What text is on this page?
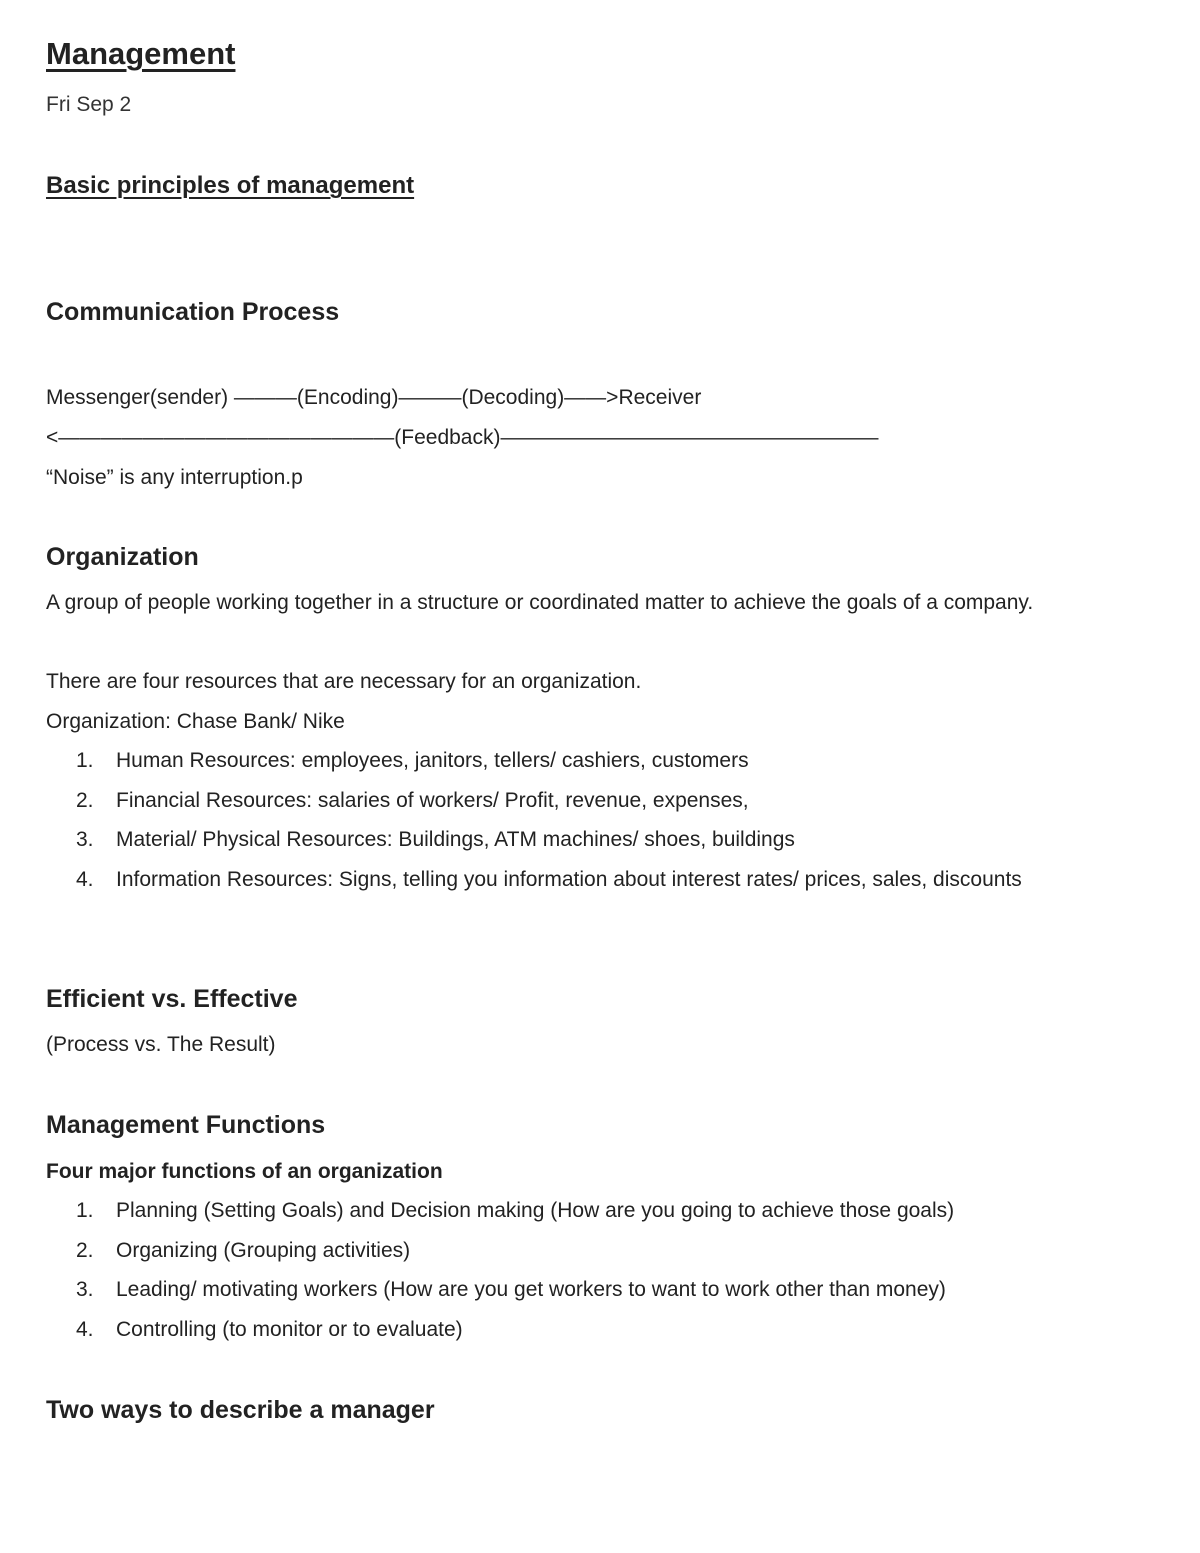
Management
Fri Sep 2
Basic principles of management
Communication Process
Messenger(sender) ———(Encoding)———(Decoding)——>Receiver
<————————————————(Feedback)——————————————————
“Noise” is any interruption.p
Organization

A group of people working together in a structure or coordinated matter to achieve the goals of a company.

There are four resources that are necessary for an organization.
Organization: Chase Bank/ Nike
1. Human Resources: employees, janitors, tellers/ cashiers, customers
2. Financial Resources: salaries of workers/ Profit, revenue, expenses,
3. Material/ Physical Resources: Buildings, ATM machines/ shoes, buildings
4. Information Resources: Signs, telling you information about interest rates/ prices, sales, discounts
Efficient vs. Effective
(Process vs. The Result)
Management Functions
Four major functions of an organization
1. Planning (Setting Goals) and Decision making (How are you going to achieve those goals)
2. Organizing (Grouping activities)
3. Leading/ motivating workers (How are you get workers to want to work other than money)
4. Controlling (to monitor or to evaluate)
Two ways to describe a manager
